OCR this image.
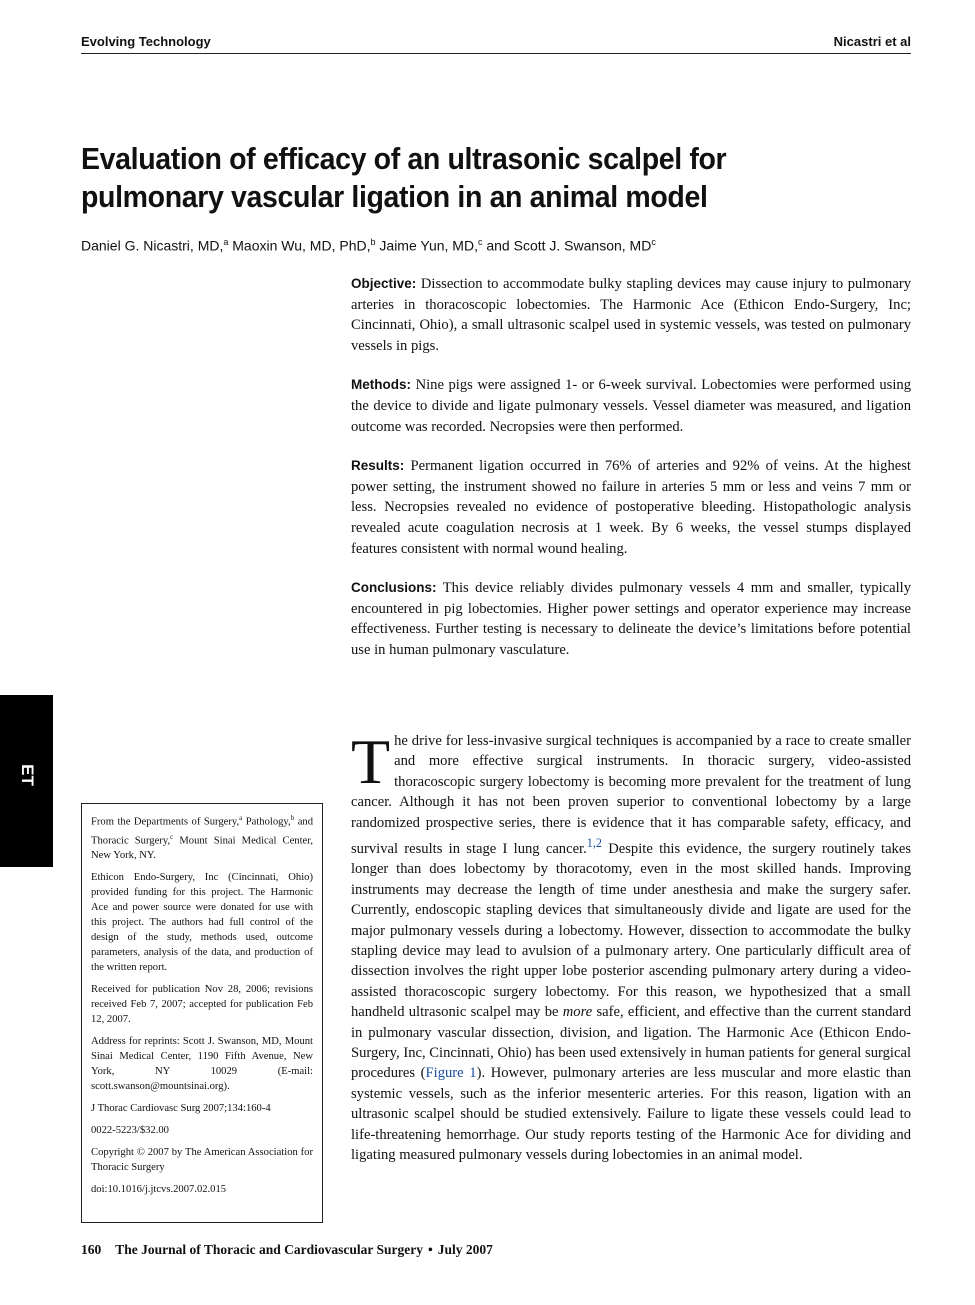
Evolving Technology	Nicastri et al
Evaluation of efficacy of an ultrasonic scalpel for pulmonary vascular ligation in an animal model
Daniel G. Nicastri, MD,$^a$ Maoxin Wu, MD, PhD,$^b$ Jaime Yun, MD,$^c$ and Scott J. Swanson, $MD^c$

Objective: Dissection to accommodate bulky stapling devices may cause injury to pulmonary arteries in thoracoscopic lobectomies. The Harmonic Ace (Ethicon Endo-Surgery, Inc; Cincinnati, Ohio), a small ultrasonic scalpel used in systemic vessels, was tested on pulmonary vessels in pigs.

Methods: Nine pigs were assigned 1- or 6-week survival. Lobectomies were performed using the device to divide and ligate pulmonary vessels. Vessel diameter was measured, and ligation outcome was recorded. Necropsies were then performed.

Results: Permanent ligation occurred in 76% of arteries and 92% of veins. At the highest power setting, the instrument showed no failure in arteries 5 mm or less and veins 7 mm or less. Necropsies revealed no evidence of postoperative bleeding. Histopathologic analysis revealed acute coagulation necrosis at 1 week. By 6 weeks, the vessel stumps displayed features consistent with normal wound healing.

Conclusions: This device reliably divides pulmonary vessels 4 mm and smaller, typically encountered in pig lobectomies. Higher power settings and operator experience may increase effectiveness. Further testing is necessary to delineate the device’s limitations before potential use in human pulmonary vasculature.

ET	The drive for less-invasive surgical techniques is accompanied by a race to create smaller and more effective surgical instruments. In thoracic surgery, video-assisted thoracoscopic surgery lobectomy is becoming more prevalent for the treatment of lung cancer. Although it has not been proven superior to conventional lobectomy by a large randomized prospective series, there is evidence that it has comparable safety, efficacy, and survival results in stage I lung cancer.$^{1,2}$ Despite this evidence, the surgery routinely takes longer than does lobectomy by thoracotomy, even in the most skilled hands. Improving instruments may decrease the length of time under anesthesia and make the surgery safer. Currently, endoscopic stapling devices that simultaneously divide and ligate are used for the major pulmonary vessels during a lobectomy. However, dissection to accommodate the bulky stapling device may lead to avulsion of a pulmonary artery. One particularly difficult area of dissection involves the right upper lobe posterior ascending pulmonary artery during a video-assisted thoracoscopic surgery lobectomy. For this reason, we hypothesized that a small handheld ultrasonic scalpel may be more safe, efficient, and effective than the current standard in pulmonary vascular dissection, division, and ligation. The Harmonic Ace (Ethicon Endo-Surgery, Inc, Cincinnati, Ohio) has been used extensively in human patients for general surgical procedures (Figure 1). However, pulmonary arteries are less muscular and more elastic than systemic vessels, such as the inferior mesenteric arteries. For this reason, ligation with an ultrasonic scalpel should be studied extensively. Failure to ligate these vessels could lead to life-threatening hemorrhage. Our study reports testing of the Harmonic Ace for dividing and ligating measured pulmonary vessels during lobectomies in an animal model.

From the Departments of Surgery,$^a$ Pathology,$^b$ and Thoracic Surgery,$^c$ Mount Sinai Medical Center, New York, NY.

Ethicon Endo-Surgery, Inc (Cincinnati, Ohio) provided funding for this project. The Harmonic Ace and power source were donated for use with this project. The authors had full control of the design of the study, methods used, outcome parameters, analysis of the data, and production of the written report.

Received for publication Nov 28, 2006; revisions received Feb 7, 2007; accepted for publication Feb 12, 2007.

Address for reprints: Scott J. Swanson, MD, Mount Sinai Medical Center, 1190 Fifth Avenue, New York, NY 10029 (E-mail: scott.swanson@mountsinai.org).

J Thorac Cardiovasc Surg 2007;134:160-4

0022-5223/$32.00

Copyright © 2007 by The American Association for Thoracic Surgery

doi:10.1016/j.jtcvs.2007.02.015

160 The Journal of Thoracic and Cardiovascular Surgery • July 2007
